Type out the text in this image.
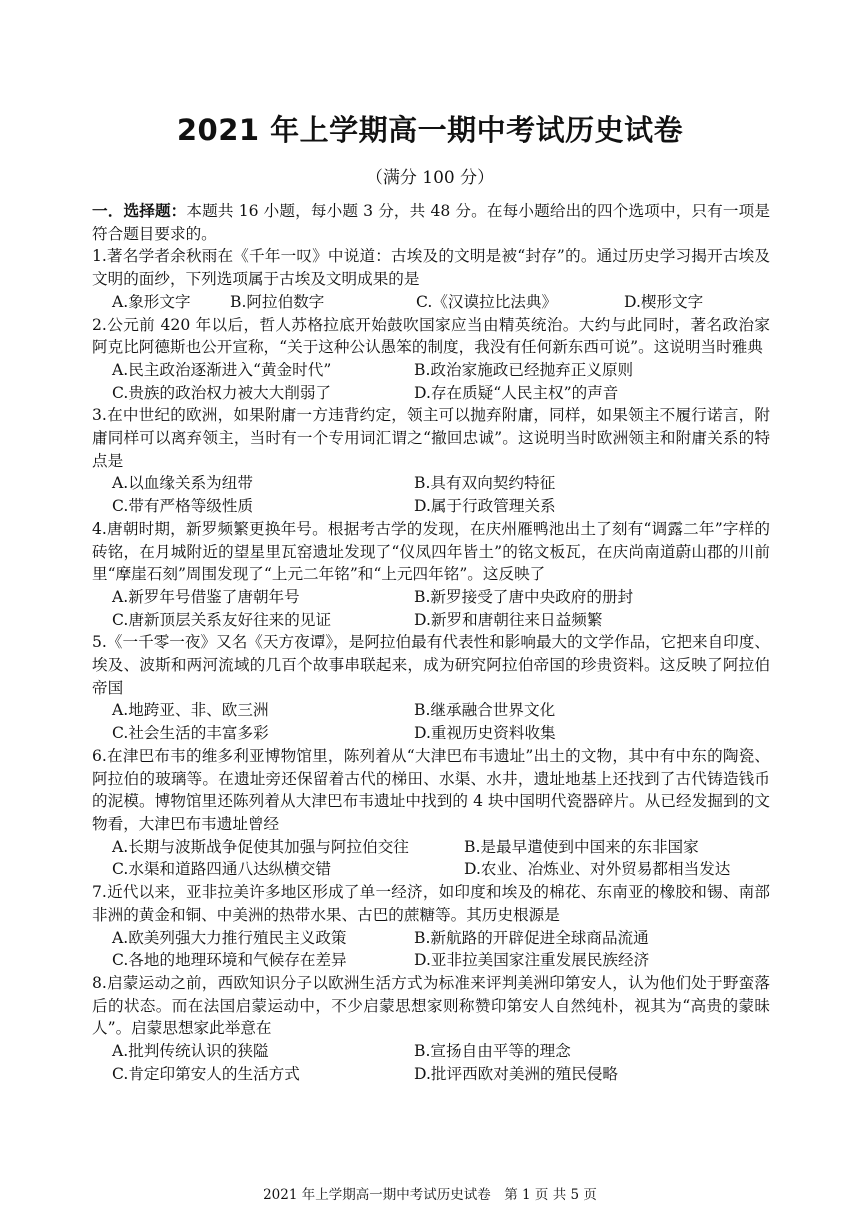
2021 年上学期高一期中考试历史试卷
（满分 100 分）

一．选择题：本题共 16 小题，每小题 3 分，共 48 分。在每小题给出的四个选项中，只有一项是符合题目要求的。

1.著名学者余秋雨在《千年一叹》中说道：古埃及的文明是被“封存”的。通过历史学习揭开古埃及文明的面纱，下列选项属于古埃及文明成果的是

A.象形文字	B.阿拉伯数字	C.《汉谟拉比法典》	D.楔形文字

2.公元前 420 年以后，哲人苏格拉底开始鼓吹国家应当由精英统治。大约与此同时，著名政治家阿克比阿德斯也公开宣称，“关于这种公认愚笨的制度，我没有任何新东西可说”。这说明当时雅典

A.民主政治逐渐进入“黄金时代”	B.政治家施政已经抛弃正义原则
C.贵族的政治权力被大大削弱了	D.存在质疑“人民主权”的声音

3.在中世纪的欧洲，如果附庸一方违背约定，领主可以抛弃附庸，同样，如果领主不履行诺言，附庸同样可以离弃领主，当时有一个专用词汇谓之“撤回忠诚”。这说明当时欧洲领主和附庸关系的特点是

A.以血缘关系为纽带	B.具有双向契约特征
C.带有严格等级性质	D.属于行政管理关系

4.唐朝时期，新罗频繁更换年号。根据考古学的发现，在庆州雁鸭池出土了刻有“调露二年”字样的砖铭，在月城附近的望星里瓦窑遗址发现了“仪凤四年皆土”的铭文板瓦，在庆尚南道蔚山郡的川前里“摩崖石刻”周围发现了“上元二年铭”和“上元四年铭”。这反映了

A.新罗年号借鉴了唐朝年号	B.新罗接受了唐中央政府的册封
C.唐新顶层关系友好往来的见证	D.新罗和唐朝往来日益频繁

5.《一千零一夜》又名《天方夜谭》，是阿拉伯最有代表性和影响最大的文学作品，它把来自印度、埃及、波斯和两河流域的几百个故事串联起来，成为研究阿拉伯帝国的珍贵资料。这反映了阿拉伯帝国

A.地跨亚、非、欧三洲	B.继承融合世界文化
C.社会生活的丰富多彩	D.重视历史资料收集

6.在津巴布韦的维多利亚博物馆里，陈列着从“大津巴布韦遗址”出土的文物，其中有中东的陶瓷、阿拉伯的玻璃等。在遗址旁还保留着古代的梯田、水渠、水井，遗址地基上还找到了古代铸造钱币的泥模。博物馆里还陈列着从大津巴布韦遗址中找到的 4 块中国明代瓷器碎片。从已经发掘到的文物看，大津巴布韦遗址曾经

A.长期与波斯战争促使其加强与阿拉伯交往	B.是最早遣使到中国来的东非国家
C.水渠和道路四通八达纵横交错	D.农业、冶炼业、对外贸易都相当发达

7.近代以来，亚非拉美许多地区形成了单一经济，如印度和埃及的棉花、东南亚的橡胶和锡、南部非洲的黄金和铜、中美洲的热带水果、古巴的蔗糖等。其历史根源是

A.欧美列强大力推行殖民主义政策	B.新航路的开辟促进全球商品流通
C.各地的地理环境和气候存在差异	D.亚非拉美国家注重发展民族经济

8.启蒙运动之前，西欧知识分子以欧洲生活方式为标准来评判美洲印第安人，认为他们处于野蛮落后的状态。而在法国启蒙运动中，不少启蒙思想家则称赞印第安人自然纯朴，视其为“高贵的蒙昧人”。启蒙思想家此举意在

A.批判传统认识的狭隘	B.宣扬自由平等的理念
C.肯定印第安人的生活方式	D.批评西欧对美洲的殖民侵略
2021 年上学期高一期中考试历史试卷　第 1 页 共 5 页
